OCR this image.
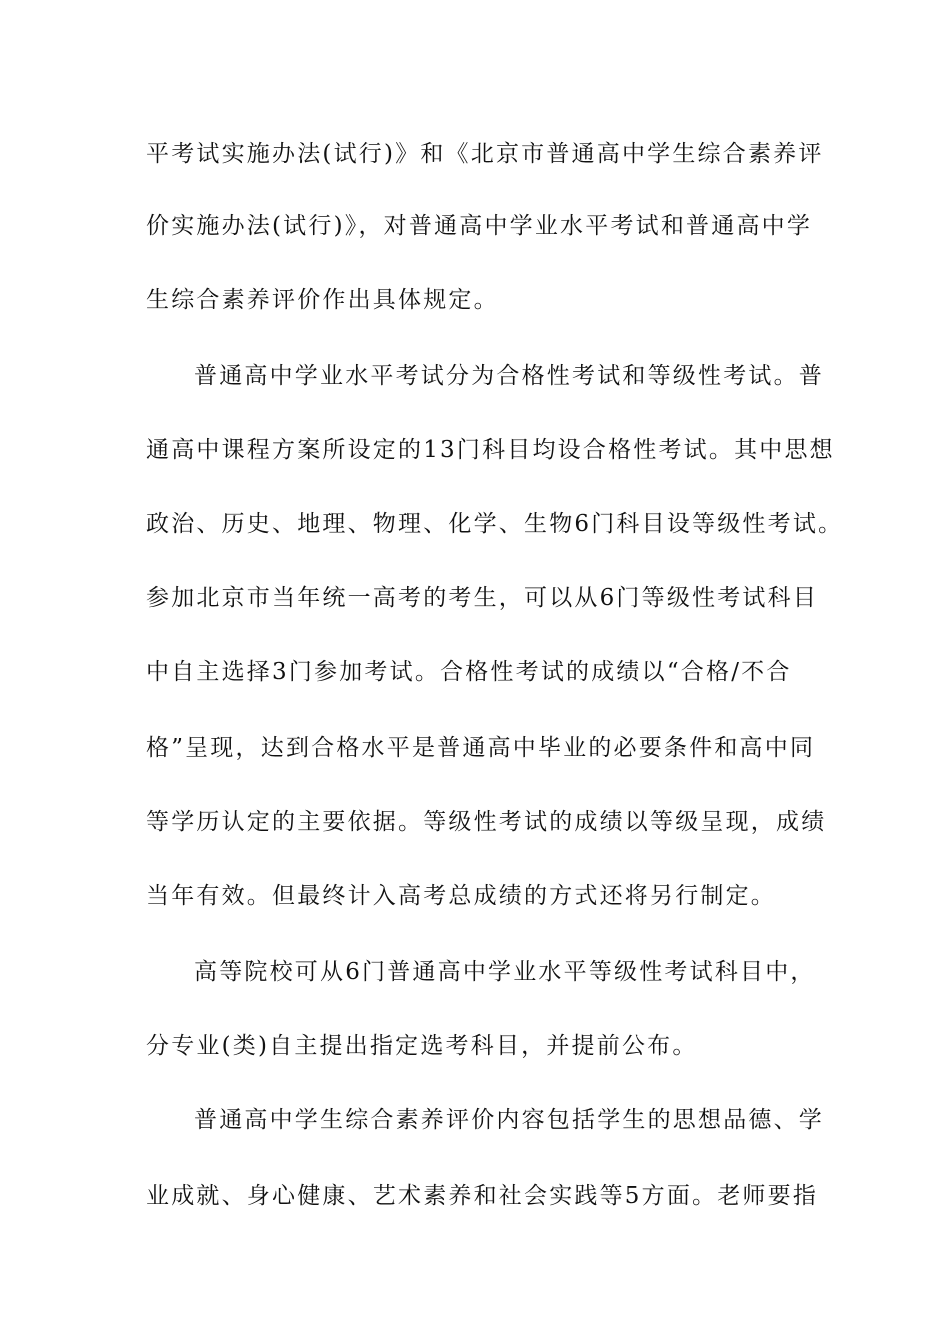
平考试实施办法(试行)》和《北京市普通高中学生综合素养评
价实施办法(试行)》，对普通高中学业水平考试和普通高中学
生综合素养评价作出具体规定。
普通高中学业水平考试分为合格性考试和等级性考试。普
通高中课程方案所设定的13门科目均设合格性考试。其中思想
政治、历史、地理、物理、化学、生物6门科目设等级性考试。
参加北京市当年统一高考的考生，可以从6门等级性考试科目
中自主选择3门参加考试。合格性考试的成绩以“合格/不合
格”呈现，达到合格水平是普通高中毕业的必要条件和高中同
等学历认定的主要依据。等级性考试的成绩以等级呈现，成绩
当年有效。但最终计入高考总成绩的方式还将另行制定。
高等院校可从6门普通高中学业水平等级性考试科目中，
分专业(类)自主提出指定选考科目，并提前公布。
普通高中学生综合素养评价内容包括学生的思想品德、学
业成就、身心健康、艺术素养和社会实践等5方面。老师要指
